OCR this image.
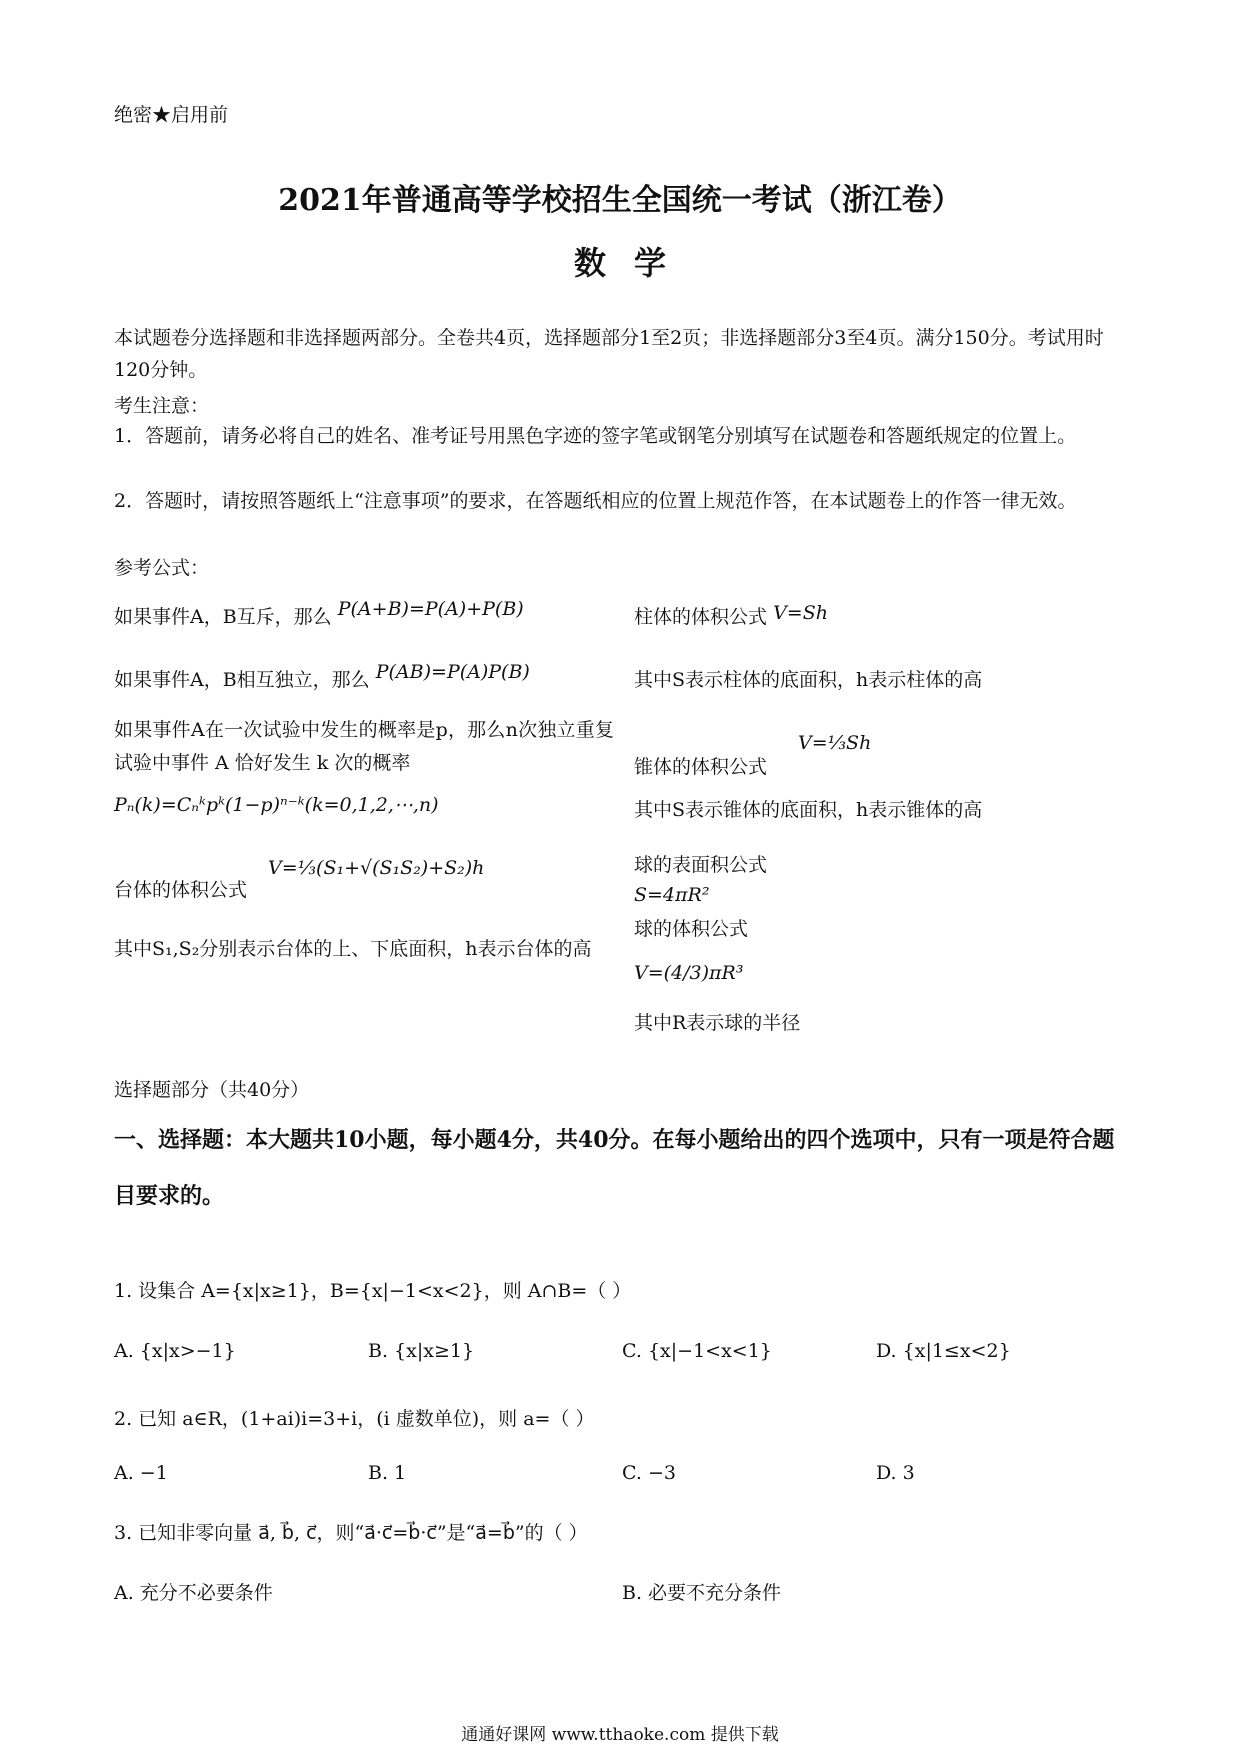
绝密★启用前
2021年普通高等学校招生全国统一考试（浙江卷）
数学
本试题卷分选择题和非选择题两部分。全卷共4页，选择题部分1至2页；非选择题部分3至4页。满分150分。考试用时120分钟。
考生注意：
1．答题前，请务必将自己的姓名、准考证号用黑色字迹的签字笔或钢笔分别填写在试题卷和答题纸规定的位置上。
2．答题时，请按照答题纸上“注意事项”的要求，在答题纸相应的位置上规范作答，在本试题卷上的作答一律无效。
参考公式：
如果事件A，B互斥，那么 P(A+B)=P(A)+P(B)
如果事件A，B相互独立，那么 P(AB)=P(A)P(B)
如果事件A在一次试验中发生的概率是p，那么n次独立重复试验中事件 A 恰好发生 k 次的概率
Pₙ(k)=Cₙᵏpᵏ(1−p)ⁿ⁻ᵏ(k=0,1,2,⋯,n)
台体的体积公式
V=⅓(S₁+√(S₁S₂)+S₂)h
其中S₁,S₂分别表示台体的上、下底面积，h表示台体的高
柱体的体积公式 V=Sh
其中S表示柱体的底面积，h表示柱体的高
锥体的体积公式
V=⅓Sh
其中S表示锥体的底面积，h表示锥体的高
球的表面积公式
S=4πR²
球的体积公式
V=(4/3)πR³
其中R表示球的半径
选择题部分（共40分）
一、选择题：本大题共10小题，每小题4分，共40分。在每小题给出的四个选项中，只有一项是符合题目要求的。
1. 设集合 A={x|x≥1}，B={x|−1<x<2}，则 A∩B=（ ）
A. {x|x>−1}	B. {x|x≥1}	C. {x|−1<x<1}	D. {x|1≤x<2}
2. 已知 a∈R，(1+ai)i=3+i，(i 虚数单位)，则 a=（ ）
A. −1	B. 1	C. −3	D. 3
3. 已知非零向量 a⃗, b⃗, c⃗，则“a⃗·c⃗=b⃗·c⃗”是“a⃗=b⃗”的（ ）
A. 充分不必要条件	B. 必要不充分条件
通通好课网 www.tthaoke.com 提供下载
